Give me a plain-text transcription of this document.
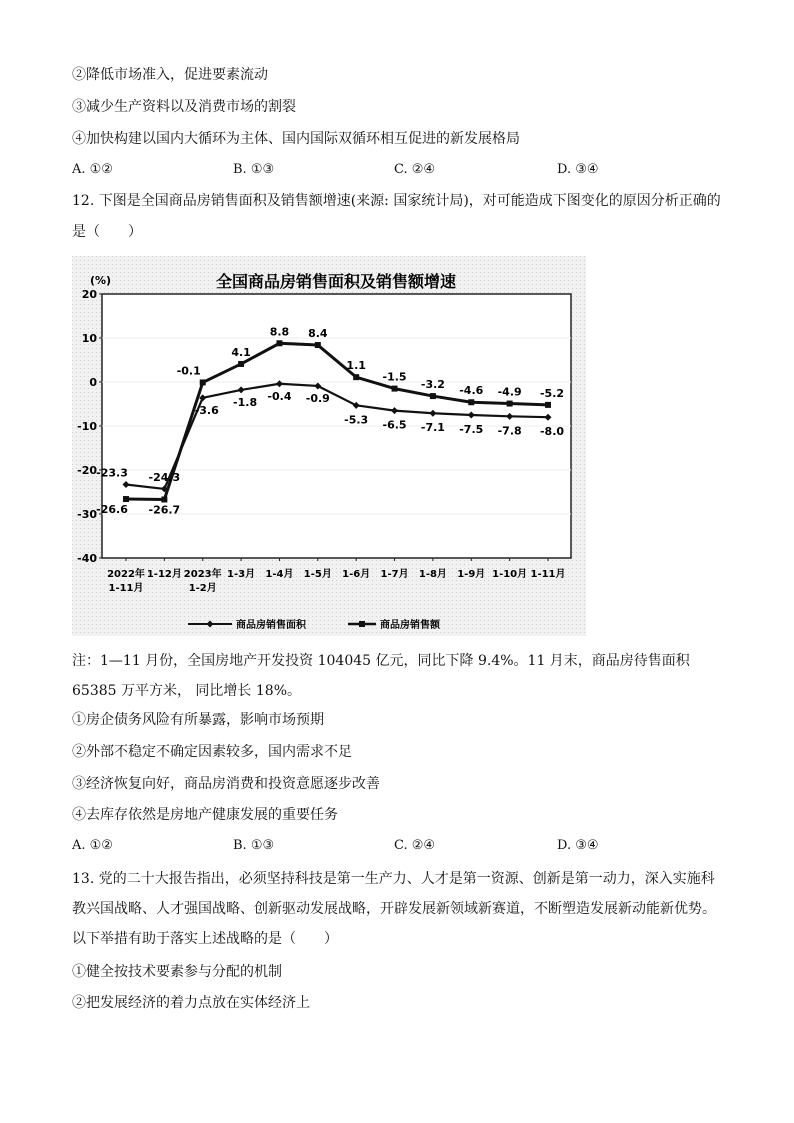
②降低市场准入，促进要素流动
③减少生产资料以及消费市场的割裂
④加快构建以国内大循环为主体、国内国际双循环相互促进的新发展格局
A. ①②	B. ①③	C. ②④	D. ③④
12. 下图是全国商品房销售面积及销售额增速(来源: 国家统计局)，对可能造成下图变化的原因分析正确的
是（　　）
全国商品房销售面积及销售额增速
(%)
20
10
0
-10
-20
-30
-40
2022年
1-11月
1-12月 2023年
1-2月
1-3月 1-4月 1-5月 1-6月 1-7月 1-8月 1-9月 1-10月 1-11月
-23.3 -24.3
-3.6
-1.8 -0.4 -0.9
-5.3 -6.5 -7.1 -7.5 -7.8 -8.0
-26.6 -26.7
-0.1
4.1
8.8 8.4
1.1
-1.5
-3.2 -4.6 -4.9 -5.2
商品房销售面积	商品房销售额
注：1—11 月份，全国房地产开发投资 104045 亿元，同比下降 9.4%。11 月末，商品房待售面积 65385 万平方米， 同比增长 18%。
①房企债务风险有所暴露，影响市场预期
②外部不稳定不确定因素较多，国内需求不足
③经济恢复向好，商品房消费和投资意愿逐步改善
④去库存依然是房地产健康发展的重要任务
A. ①②	B. ①③	C. ②④	D. ③④
13. 党的二十大报告指出，必须坚持科技是第一生产力、人才是第一资源、创新是第一动力，深入实施科教兴国战略、人才强国战略、创新驱动发展战略，开辟发展新领域新赛道，不断塑造发展新动能新优势。以下举措有助于落实上述战略的是（　　）
①健全按技术要素参与分配的机制
②把发展经济的着力点放在实体经济上
